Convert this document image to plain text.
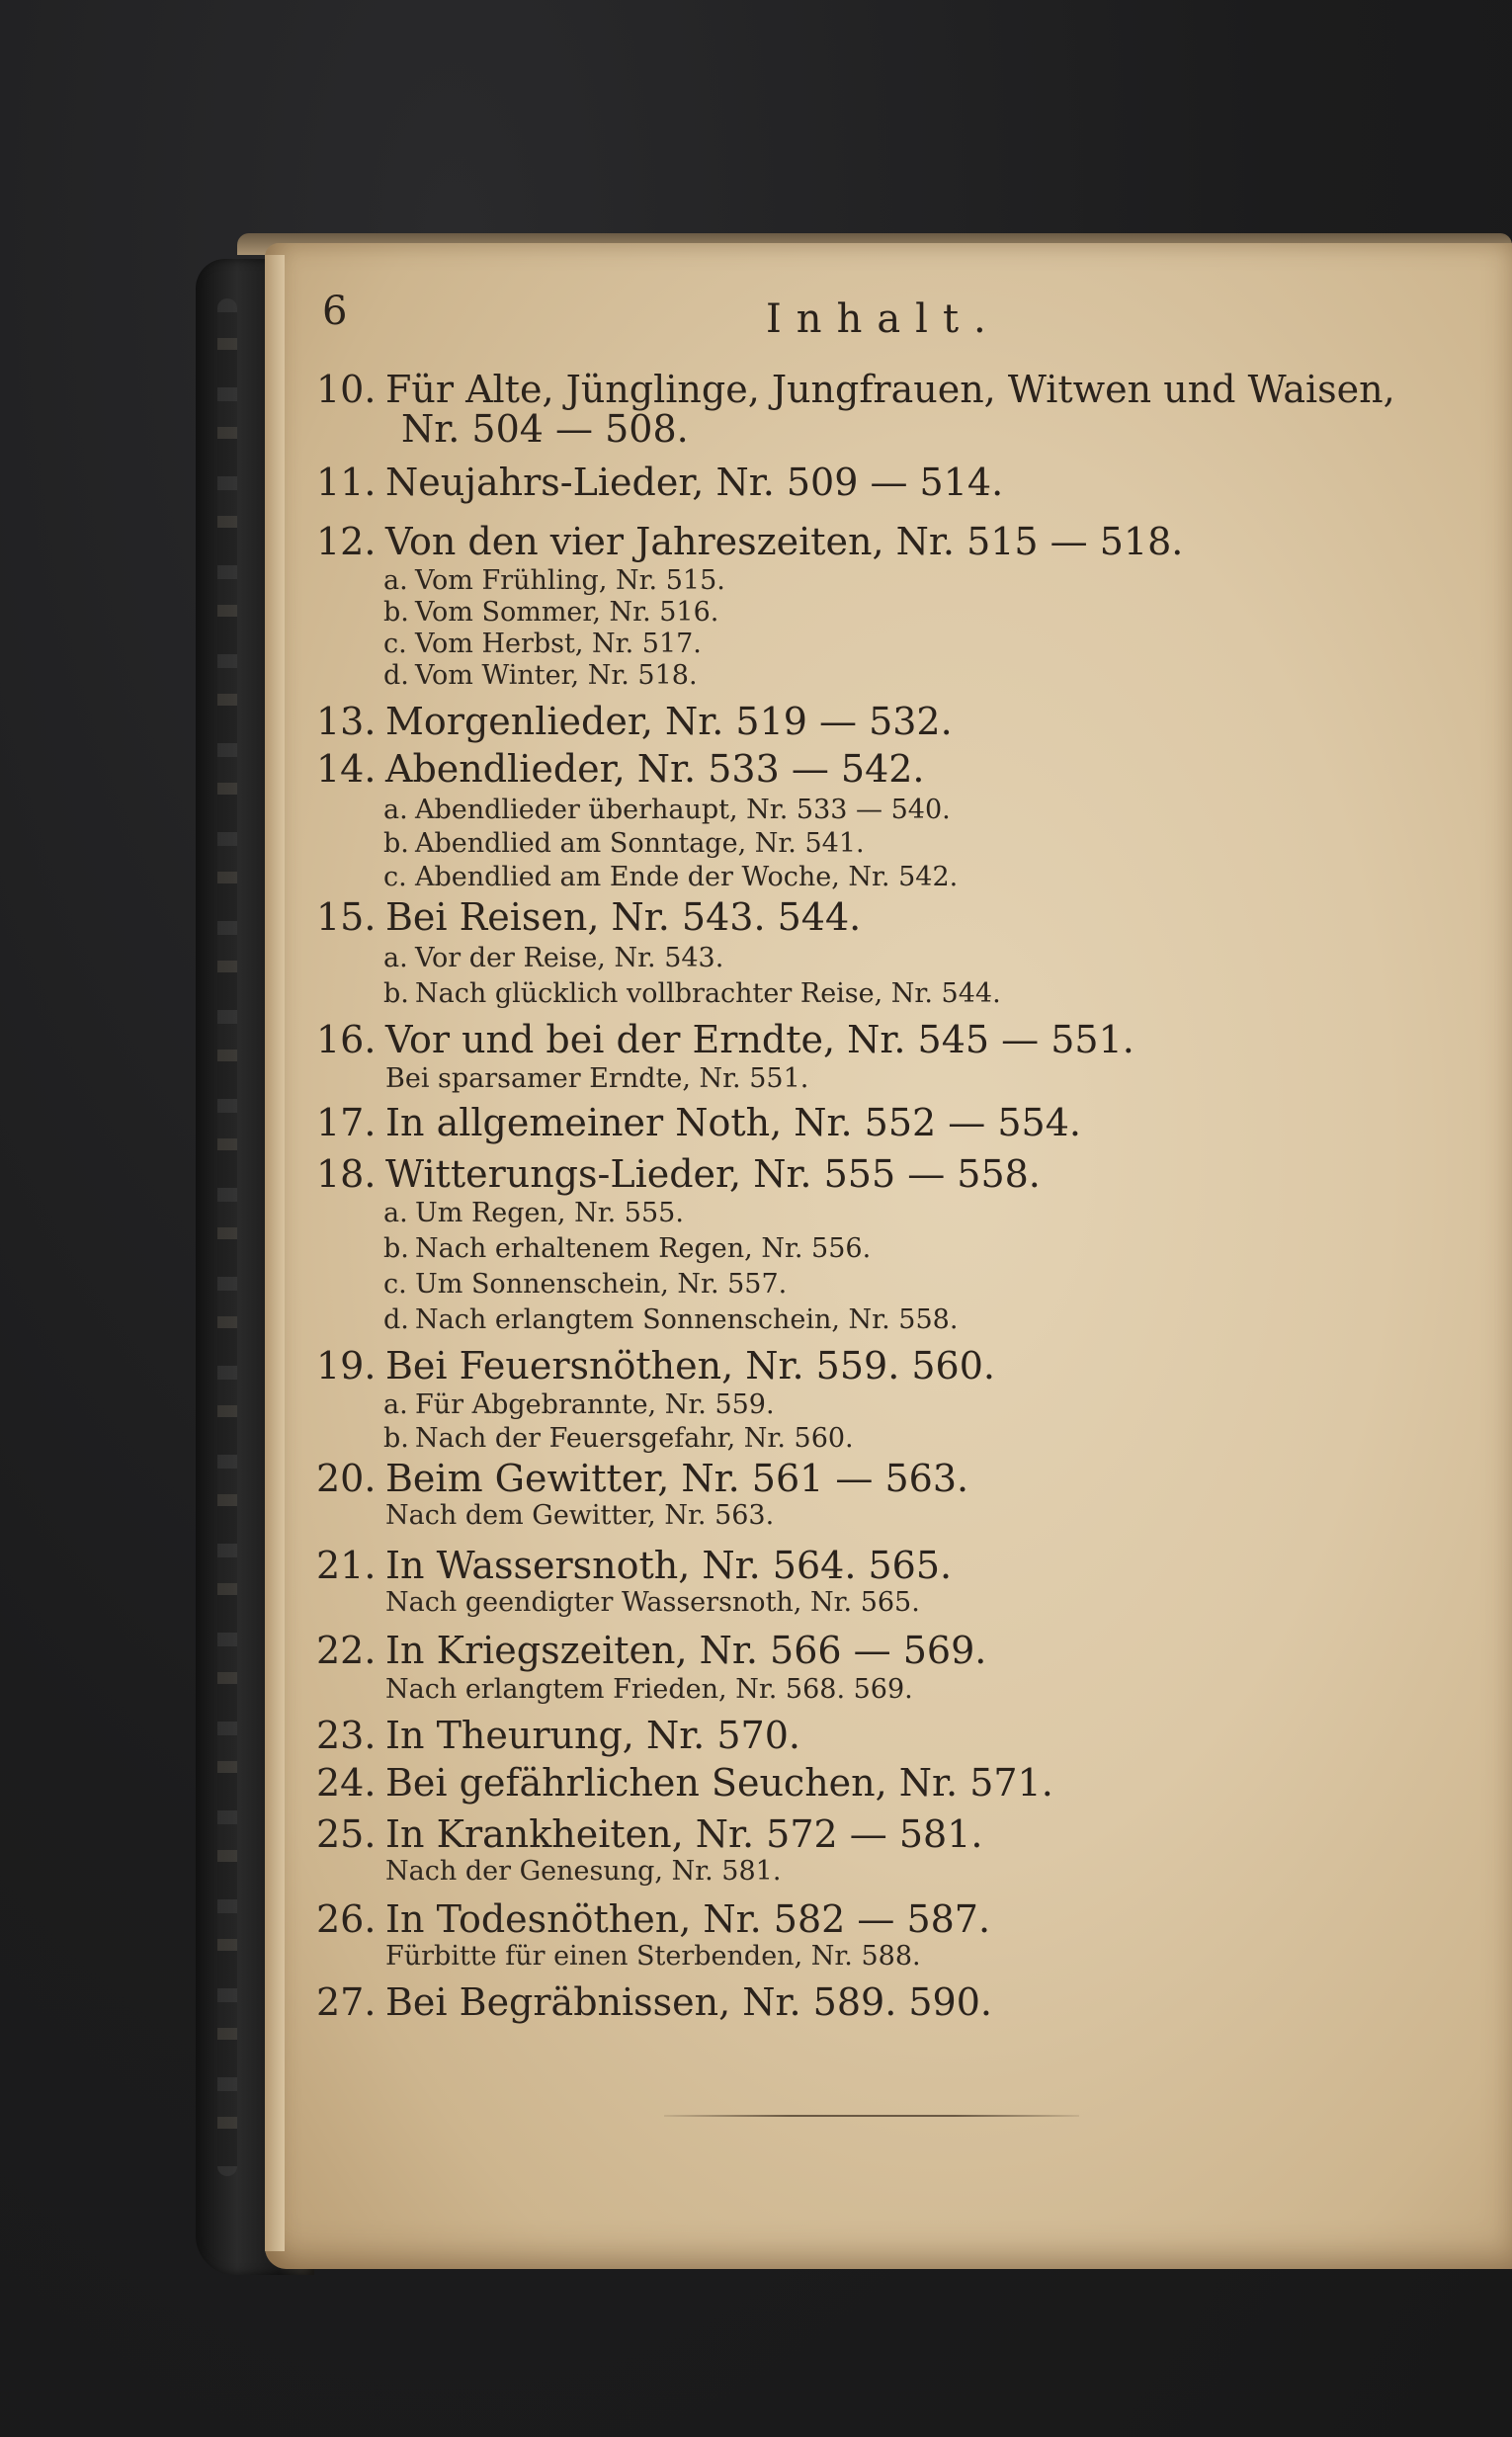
6	Inhalt.
10. Für Alte, Jünglinge, Jungfrauen, Witwen und Waisen,
Nr. 504 — 508.
11. Neujahrs-Lieder, Nr. 509 — 514.
12. Von den vier Jahreszeiten, Nr. 515 — 518.
a. Vom Frühling, Nr. 515.
b. Vom Sommer, Nr. 516.
c. Vom Herbst, Nr. 517.
d. Vom Winter, Nr. 518.
13. Morgenlieder, Nr. 519 — 532.
14. Abendlieder, Nr. 533 — 542.
a. Abendlieder überhaupt, Nr. 533 — 540.
b. Abendlied am Sonntage, Nr. 541.
c. Abendlied am Ende der Woche, Nr. 542.
15. Bei Reisen, Nr. 543. 544.
a. Vor der Reise, Nr. 543.
b. Nach glücklich vollbrachter Reise, Nr. 544.
16. Vor und bei der Erndte, Nr. 545 — 551.
Bei sparsamer Erndte, Nr. 551.
17. In allgemeiner Noth, Nr. 552 — 554.
18. Witterungs-Lieder, Nr. 555 — 558.
a. Um Regen, Nr. 555.
b. Nach erhaltenem Regen, Nr. 556.
c. Um Sonnenschein, Nr. 557.
d. Nach erlangtem Sonnenschein, Nr. 558.
19. Bei Feuersnöthen, Nr. 559. 560.
a. Für Abgebrannte, Nr. 559.
b. Nach der Feuersgefahr, Nr. 560.
20. Beim Gewitter, Nr. 561 — 563.
Nach dem Gewitter, Nr. 563.
21. In Wassersnoth, Nr. 564. 565.
Nach geendigter Wassersnoth, Nr. 565.
22. In Kriegszeiten, Nr. 566 — 569.
Nach erlangtem Frieden, Nr. 568. 569.
23. In Theurung, Nr. 570.
24. Bei gefährlichen Seuchen, Nr. 571.
25. In Krankheiten, Nr. 572 — 581.
Nach der Genesung, Nr. 581.
26. In Todesnöthen, Nr. 582 — 587.
Fürbitte für einen Sterbenden, Nr. 588.
27. Bei Begräbnissen, Nr. 589. 590.
